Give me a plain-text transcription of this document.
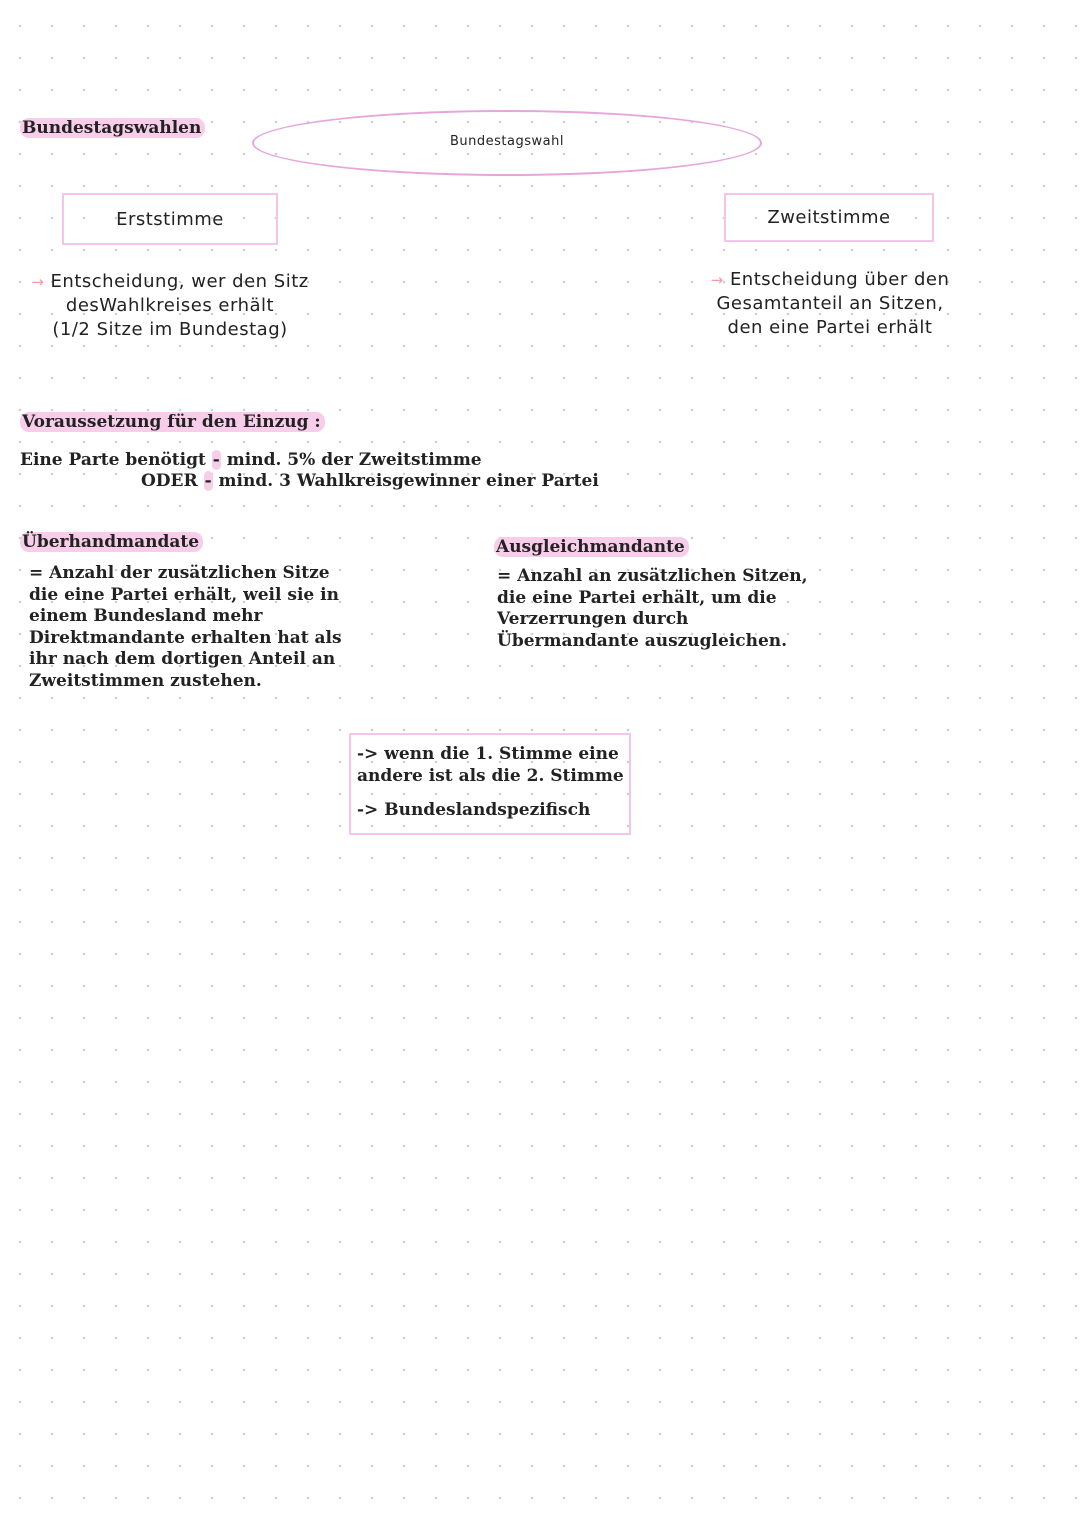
Bundestagswahlen
Bundestagswahl
Erststimme	Zweitstimme
→ Entscheidung, wer den Sitz
desWahlkreises erhält
(1/2 Sitze im Bundestag)
→ Entscheidung über den
Gesamtanteil an Sitzen,
den eine Partei erhält
Voraussetzung für den Einzug :
Eine Parte benötigt - mind. 5% der Zweitstimme
ODER - mind. 3 Wahlkreisgewinner einer Partei
Überhandmandate
= Anzahl der zusätzlichen Sitze die eine Partei erhält, weil sie in einem Bundesland mehr Direktmandante erhalten hat als ihr nach dem dortigen Anteil an Zweitstimmen zustehen.
Ausgleichmandante
= Anzahl an zusätzlichen Sitzen, die eine Partei erhält, um die Verzerrungen durch Übermandante auszugleichen.
-> wenn die 1. Stimme eine andere ist als die 2. Stimme
-> Bundeslandspezifisch
